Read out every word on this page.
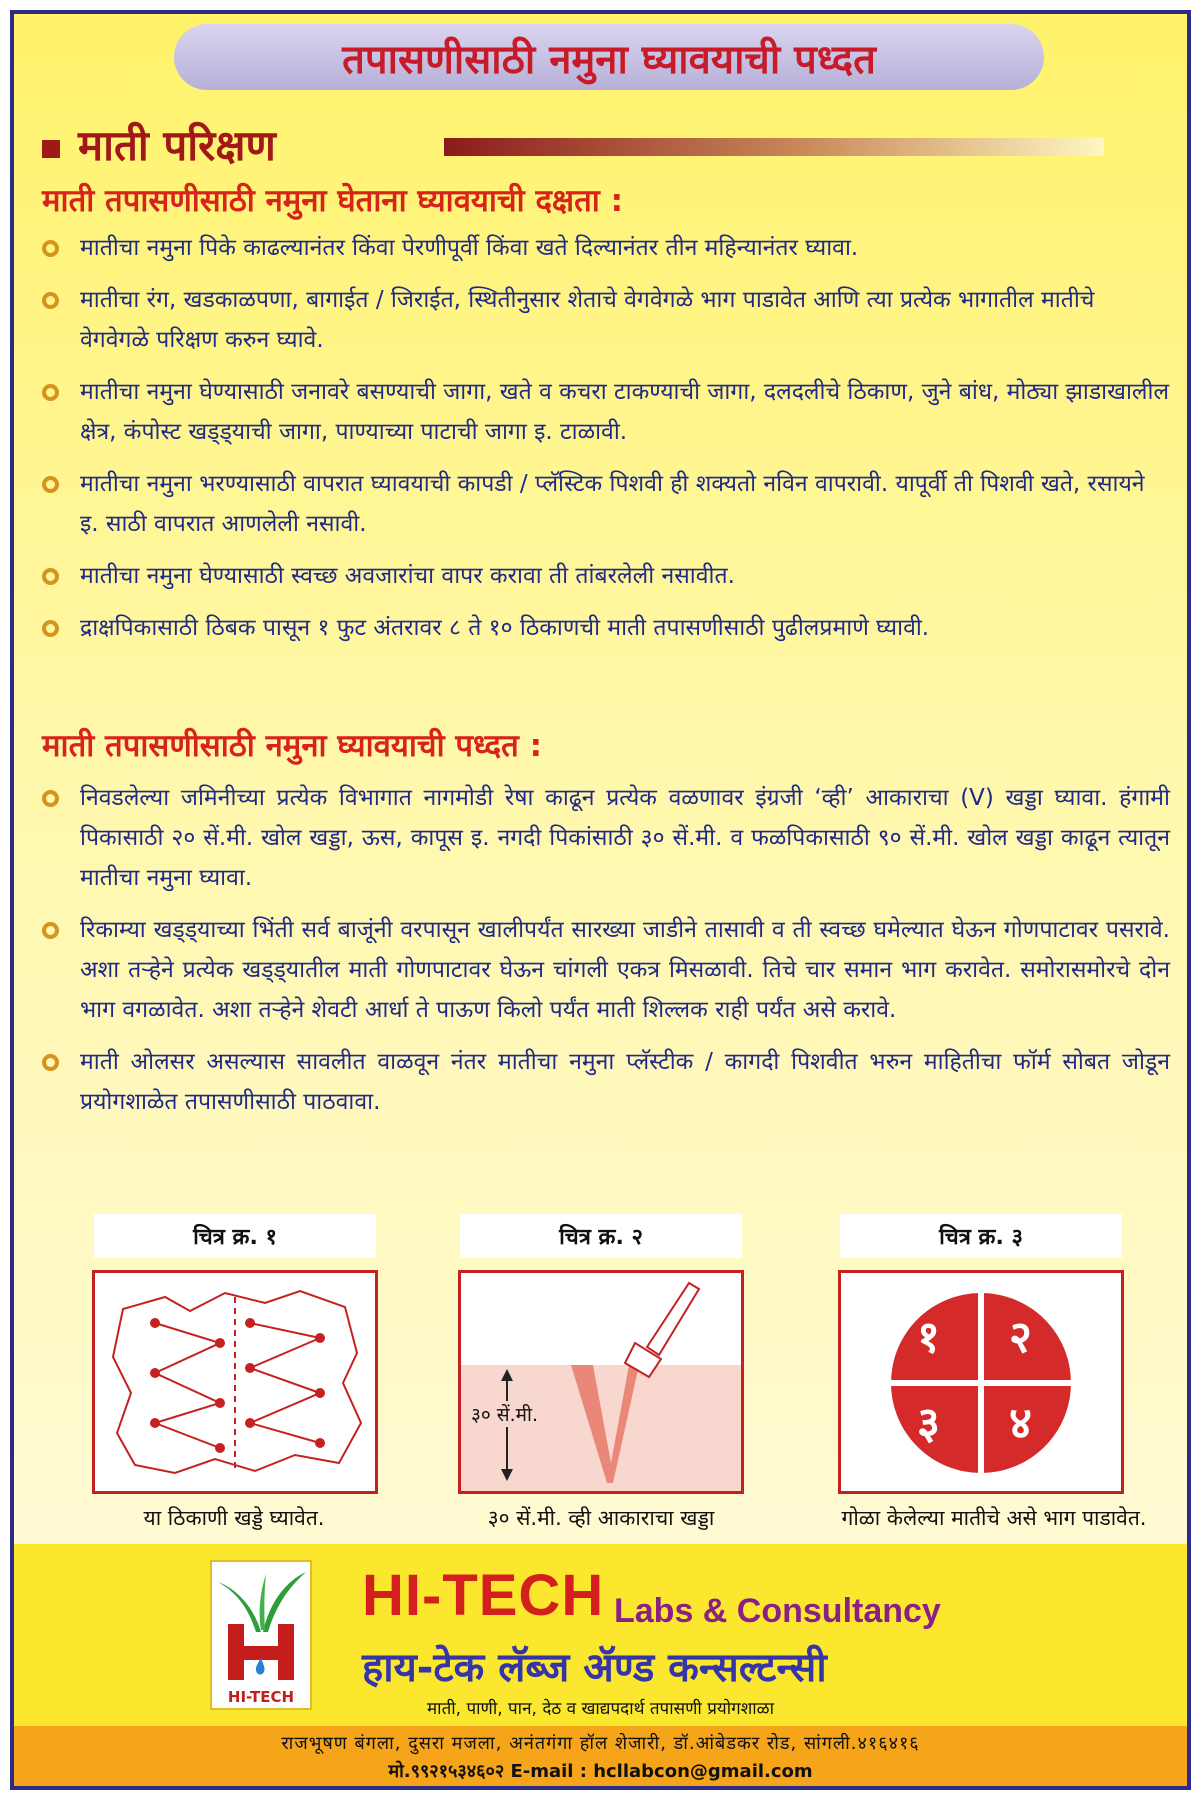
तपासणीसाठी नमुना घ्यावयाची पध्दत
माती परिक्षण
माती तपासणीसाठी नमुना घेताना घ्यावयाची दक्षता :
मातीचा नमुना पिके काढल्यानंतर किंवा पेरणीपूर्वी किंवा खते दिल्यानंतर तीन महिन्यानंतर घ्यावा.
मातीचा रंग, खडकाळपणा, बागाईत / जिराईत, स्थितीनुसार शेताचे वेगवेगळे भाग पाडावेत आणि त्या प्रत्येक भागातील मातीचे वेगवेगळे परिक्षण करुन घ्यावे.
मातीचा नमुना घेण्यासाठी जनावरे बसण्याची जागा, खते व कचरा टाकण्याची जागा, दलदलीचे ठिकाण, जुने बांध, मोठ्या झाडाखालील क्षेत्र, कंपोस्ट खड्ड्याची जागा, पाण्याच्या पाटाची जागा इ. टाळावी.
मातीचा नमुना भरण्यासाठी वापरात घ्यावयाची कापडी / प्लॅस्टिक पिशवी ही शक्यतो नविन वापरावी. यापूर्वी ती पिशवी खते, रसायने इ. साठी वापरात आणलेली नसावी.
मातीचा नमुना घेण्यासाठी स्वच्छ अवजारांचा वापर करावा ती तांबरलेली नसावीत.
द्राक्षपिकासाठी ठिबक पासून १ फुट अंतरावर ८ ते १० ठिकाणची माती तपासणीसाठी पुढीलप्रमाणे घ्यावी.
माती तपासणीसाठी नमुना घ्यावयाची पध्दत :
निवडलेल्या जमिनीच्या प्रत्येक विभागात नागमोडी रेषा काढून प्रत्येक वळणावर इंग्रजी ‘व्ही’ आकाराचा (V) खड्डा घ्यावा. हंगामी पिकासाठी २० सें.मी. खोल खड्डा, ऊस, कापूस इ. नगदी पिकांसाठी ३० सें.मी. व फळपिकासाठी ९० सें.मी. खोल खड्डा काढून त्यातून मातीचा नमुना घ्यावा.
रिकाम्या खड्ड्याच्या भिंती सर्व बाजूंनी वरपासून खालीपर्यंत सारख्या जाडीने तासावी व ती स्वच्छ घमेल्यात घेऊन गोणपाटावर पसरावे. अशा तऱ्हेने प्रत्येक खड्ड्यातील माती गोणपाटावर घेऊन चांगली एकत्र मिसळावी. तिचे चार समान भाग करावेत. समोरासमोरचे दोन भाग वगळावेत. अशा तऱ्हेने शेवटी आर्धा ते पाऊण किलो पर्यंत माती शिल्लक राही पर्यंत असे करावे.
माती ओलसर असल्यास सावलीत वाळवून नंतर मातीचा नमुना प्लॅस्टीक / कागदी पिशवीत भरुन माहितीचा फॉर्म सोबत जोडून प्रयोगशाळेत तपासणीसाठी पाठवावा.
चित्र क्र. १
या ठिकाणी खड्डे घ्यावेत.
चित्र क्र. २
३० सें.मी.
३० सें.मी. व्ही आकाराचा खड्डा
चित्र क्र. ३
१ २
३ ४
गोळा केलेल्या मातीचे असे भाग पाडावेत.
HI-TECH
HI-TECH Labs & Consultancy
हाय-टेक लॅब्ज ॲण्ड कन्सल्टन्सी
माती, पाणी, पान, देठ व खाद्यपदार्थ तपासणी प्रयोगशाळा
राजभूषण बंगला, दुसरा मजला, अनंतगंगा हॉल शेजारी, डॉ.आंबेडकर रोड, सांगली.४१६४१६
मो.९९२१५३४६०२ E-mail : hcllabcon@gmail.com
